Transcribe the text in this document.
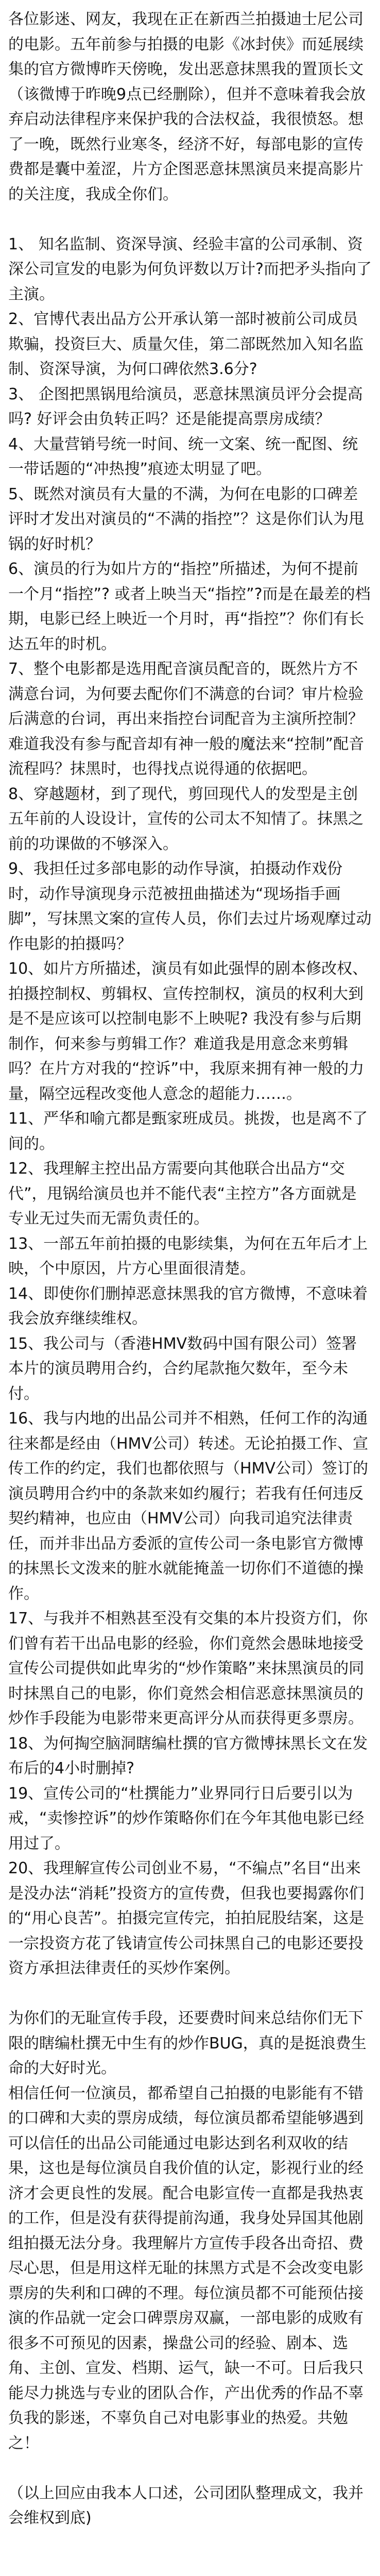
各位影迷、网友，我现在正在新西兰拍摄迪士尼公司的电影。五年前参与拍摄的电影《冰封侠》而延展续集的官方微博昨天傍晚，发出恶意抹黑我的置顶长文（该微博于昨晚9点已经删除），但并不意味着我会放弃启动法律程序来保护我的合法权益，我很愤怒。想了一晚，既然行业寒冬，经济不好，每部电影的宣传费都是囊中羞涩，片方企图恶意抹黑演员来提高影片的关注度，我成全你们。
1、 知名监制、资深导演、经验丰富的公司承制、资深公司宣发的电影为何负评数以万计?而把矛头指向了主演。
2、官博代表出品方公开承认第一部时被前公司成员欺骗，投资巨大、质量欠佳，第二部既然加入知名监制、资深导演，为何口碑依然3.6分?
3、 企图把黑锅甩给演员，恶意抹黑演员评分会提高吗? 好评会由负转正吗？还是能提高票房成绩？
4、大量营销号统一时间、统一文案、统一配图、统一带话题的“冲热搜”痕迹太明显了吧。
5、既然对演员有大量的不满，为何在电影的口碑差评时才发出对演员的“不满的指控”？这是你们认为甩锅的好时机？
6、演员的行为如片方的“指控”所描述，为何不提前一个月“指控”? 或者上映当天“指控”?而是在最差的档期，电影已经上映近一个月时，再“指控”？你们有长达五年的时机。
7、整个电影都是选用配音演员配音的，既然片方不满意台词，为何要去配你们不满意的台词？审片检验后满意的台词，再出来指控台词配音为主演所控制？难道我没有参与配音却有神一般的魔法来“控制”配音流程吗？抹黑时，也得找点说得通的依据吧。
8、穿越题材，到了现代，剪回现代人的发型是主创五年前的人设设计，宣传的公司太不知情了。抹黑之前的功课做的不够深入。
9、我担任过多部电影的动作导演，拍摄动作戏份时，动作导演现身示范被扭曲描述为“现场指手画脚”，写抹黑文案的宣传人员，你们去过片场观摩过动作电影的拍摄吗？
10、如片方所描述，演员有如此强悍的剧本修改权、拍摄控制权、剪辑权、宣传控制权，演员的权利大到是不是应该可以控制电影不上映呢? 我没有参与后期制作，何来参与剪辑工作？难道我是用意念来剪辑吗？在片方对我的“控诉”中，我原来拥有神一般的力量，隔空远程改变他人意念的超能力……。
11、严华和喻亢都是甄家班成员。挑拨，也是离不了间的。
12、我理解主控出品方需要向其他联合出品方“交代”，甩锅给演员也并不能代表“主控方”各方面就是专业无过失而无需负责任的。
13、一部五年前拍摄的电影续集，为何在五年后才上映，个中原因，片方心里面很清楚。
14、即使你们删掉恶意抹黑我的官方微博，不意味着我会放弃继续维权。
15、我公司与（香港HMV数码中国有限公司）签署本片的演员聘用合约，合约尾款拖欠数年，至今未付。
16、我与内地的出品公司并不相熟，任何工作的沟通往来都是经由（HMV公司）转述。无论拍摄工作、宣传工作的约定，我们也都依照与（HMV公司）签订的演员聘用合约中的条款来如约履行；若我有任何违反契约精神，也应由（HMV公司）向我司追究法律责任，而并非出品方委派的宣传公司一条电影官方微博的抹黑长文泼来的脏水就能掩盖一切你们不道德的操作。
17、与我并不相熟甚至没有交集的本片投资方们，你们曾有若干出品电影的经验，你们竟然会愚昧地接受宣传公司提供如此卑劣的“炒作策略”来抹黑演员的同时抹黑自己的电影，你们竟然会相信恶意抹黑演员的炒作手段能为电影带来更高评分从而获得更多票房。
18、为何掏空脑洞瞎编杜撰的官方微博抹黑长文在发布后的4小时删掉?
19、宣传公司的“杜撰能力”业界同行日后要引以为戒，“卖惨控诉”的炒作策略你们在今年其他电影已经用过了。
20、我理解宣传公司创业不易，“不编点”名目“出来是没办法“消耗”投资方的宣传费，但我也要揭露你们的“用心良苦”。拍摄完宣传完，拍拍屁股结案，这是一宗投资方花了钱请宣传公司抹黑自己的电影还要投资方承担法律责任的买炒作案例。
为你们的无耻宣传手段，还要费时间来总结你们无下限的瞎编杜撰无中生有的炒作BUG，真的是挺浪费生命的大好时光。
相信任何一位演员，都希望自己拍摄的电影能有不错的口碑和大卖的票房成绩，每位演员都希望能够遇到可以信任的出品公司能通过电影达到名利双收的结果，这也是每位演员自我价值的认定，影视行业的经济才会更良性的发展。配合电影宣传一直都是我热衷的工作，但是没有获得提前沟通，我身处异国其他剧组拍摄无法分身。我理解片方宣传手段各出奇招、费尽心思，但是用这样无耻的抹黑方式是不会改变电影票房的失利和口碑的不理。每位演员都不可能预估接演的作品就一定会口碑票房双赢，一部电影的成败有很多不可预见的因素，操盘公司的经验、剧本、选角、主创、宣发、档期、运气，缺一不可。日后我只能尽力挑选与专业的团队合作，产出优秀的作品不辜负我的影迷，不辜负自己对电影事业的热爱。共勉之！
（以上回应由我本人口述，公司团队整理成文，我并会维权到底)
